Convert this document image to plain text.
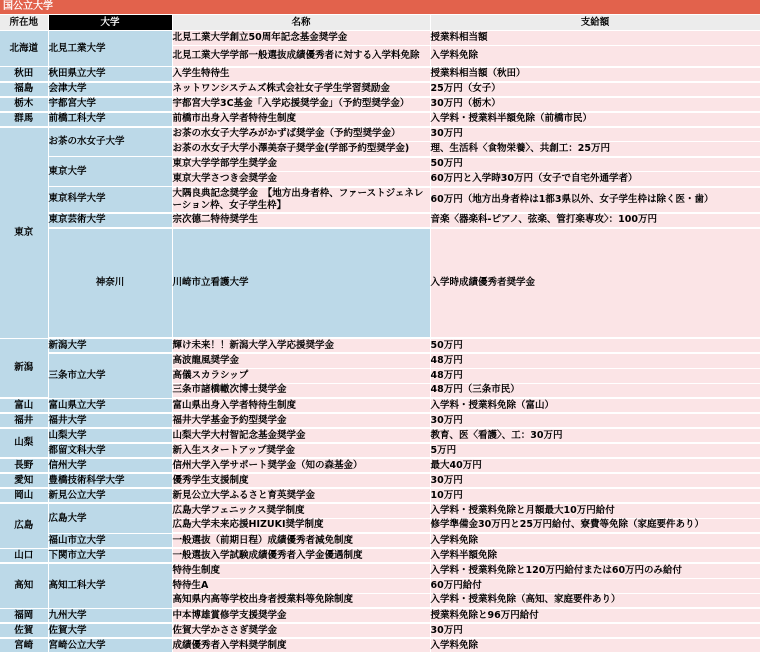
国公立大学
所在地	大学	名称	支給額	
北海道	北見工業大学	北見工業大学創立50周年記念基金奨学金	授業料相当額	
		北見工業大学学部一般選抜成績優秀者に対する入学料免除	入学料免除	
秋田	秋田県立大学	入学生特待生	授業料相当額（秋田）	
福島	会津大学	ネットワンシステムズ株式会社女子学生学習奨励金	25万円（女子）	
栃木	宇都宮大学	宇都宮大学3C基金「入学応援奨学金」（予約型奨学金）	30万円（栃木）	
群馬	前橋工科大学	前橋市出身入学者特待生制度	入学料・授業料半額免除（前橋市民）	
東京	お茶の水女子大学	お茶の水女子大学みがかずば奨学金（予約型奨学金）	30万円	
		お茶の水女子大学小澤美奈子奨学金(学部予約型奨学金)	理、生活科〈食物栄養〉、共創工：25万円	
	東京大学	東京大学学部学生奨学金	50万円	
		東京大学さつき会奨学金	60万円と入学時30万円（女子で自宅外通学者）	
	東京科学大学	大隅良典記念奨学金　【地方出身者枠、ファーストジェネレーション枠、女子学生枠】	60万円（地方出身者枠は1都3県以外、女子学生枠は除く医・歯）	
	東京芸術大学	宗次德二特待奨学生	音楽〈器楽科-ピアノ、弦楽、管打楽専攻〉：100万円	
	神奈川	川崎市立看護大学	入学時成績優秀者奨学金	
新潟	新潟大学	輝け未来！！新潟大学入学応援奨学金	50万円	
	三条市立大学	高波龍風奨学金	48万円	
		高儀スカラシップ	48万円	
		三条市諸橋轍次博士奨学金	48万円（三条市民）	
富山	富山県立大学	富山県出身入学者特待生制度	入学料・授業料免除（富山）	
福井	福井大学	福井大学基金予約型奨学金	30万円	
山梨	山梨大学	山梨大学大村智記念基金奨学金	教育、医〈看護〉、工：30万円	
	都留文科大学	新入生スタートアップ奨学金	5万円	
長野	信州大学	信州大学入学サポート奨学金（知の森基金）	最大40万円	
愛知	豊橋技術科学大学	優秀学生支援制度	30万円	
岡山	新見公立大学	新見公立大学ふるさと育英奨学金	10万円	
広島	広島大学	広島大学フェニックス奨学制度	入学料・授業料免除と月額最大10万円給付	
		広島大学未来応援HIZUKI奨学制度	修学準備金30万円と25万円給付、寮費等免除（家庭要件あり）	
	福山市立大学	一般選抜（前期日程）成績優秀者減免制度	入学料免除	
山口	下関市立大学	一般選抜入学試験成績優秀者入学金優遇制度	入学料半額免除	
高知	高知工科大学	特待生制度	入学料・授業料免除と120万円給付または60万円のみ給付	
		特待生A	60万円給付	
		高知県内高等学校出身者授業料等免除制度	入学料・授業料免除（高知、家庭要件あり）	
福岡	九州大学	中本博雄賞修学支援奨学金	授業料免除と96万円給付	
佐賀	佐賀大学	佐賀大学かささぎ奨学金	30万円	
宮崎	宮崎公立大学	成績優秀者入学料奨学制度	入学料免除	
